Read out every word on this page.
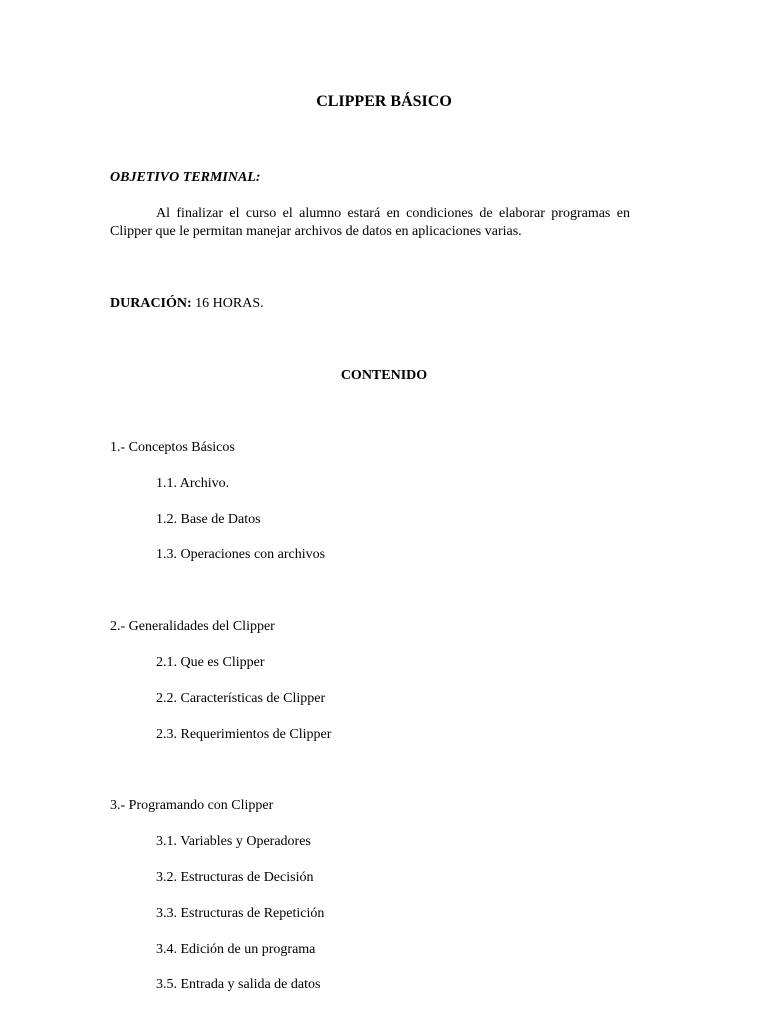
CLIPPER BÁSICO

OBJETIVO TERMINAL:

Al finalizar el curso el alumno estará en condiciones de elaborar programas en Clipper que le permitan manejar archivos de datos en aplicaciones varias.

DURACIÓN: 16 HORAS.

CONTENIDO

1.- Conceptos Básicos

1.1. Archivo.

1.2. Base de Datos

1.3. Operaciones con archivos

2.- Generalidades del Clipper

2.1. Que es Clipper

2.2. Características de Clipper

2.3. Requerimientos de Clipper

3.- Programando con Clipper

3.1. Variables y Operadores

3.2. Estructuras de Decisión

3.3. Estructuras de Repetición

3.4. Edición de un programa

3.5. Entrada y salida de datos
